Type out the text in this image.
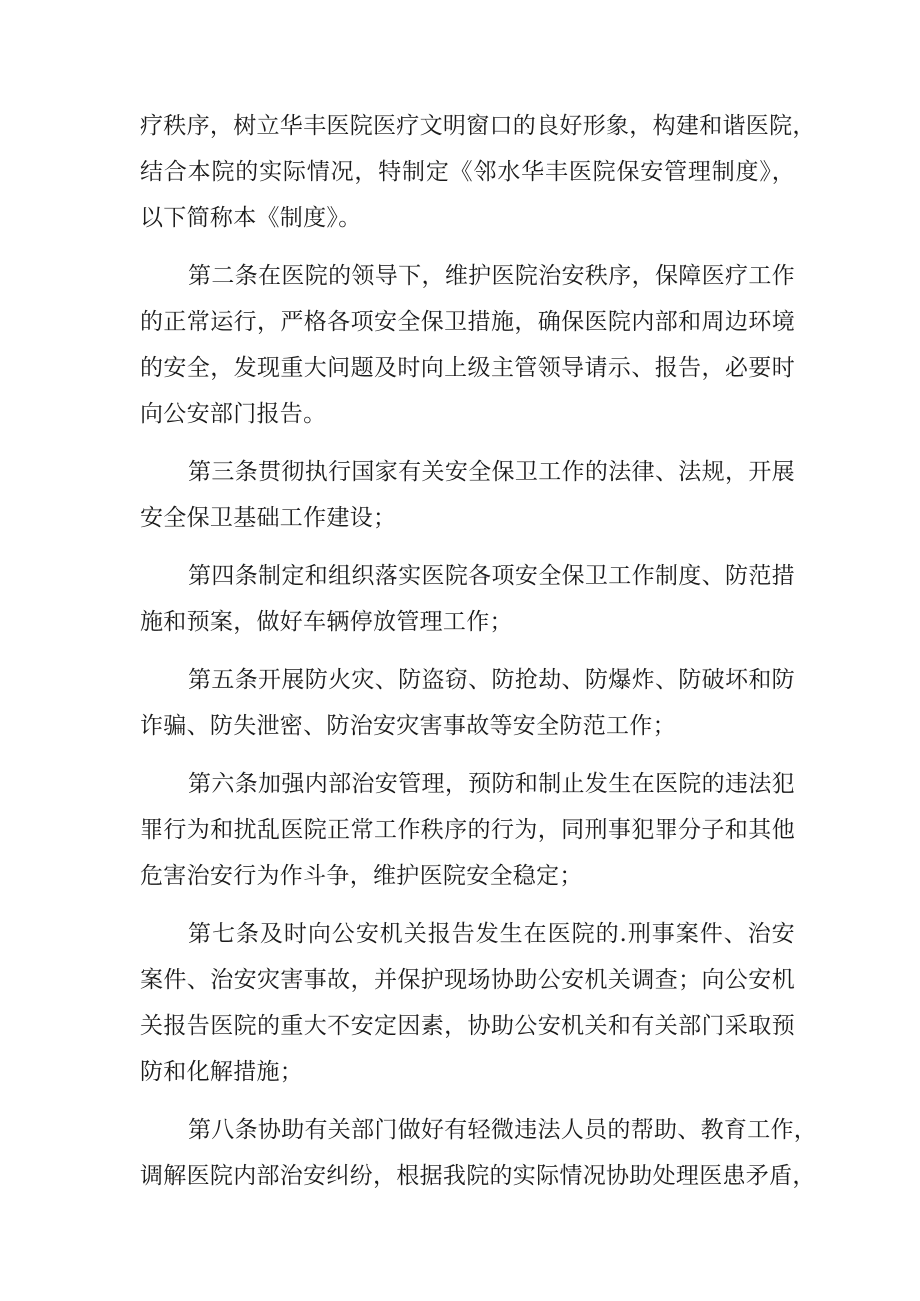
疗秩序，树立华丰医院医疗文明窗口的良好形象，构建和谐医院，
结合本院的实际情况，特制定《邻水华丰医院保安管理制度》，
以下简称本《制度》。
第二条在医院的领导下，维护医院治安秩序，保障医疗工作
的正常运行，严格各项安全保卫措施，确保医院内部和周边环境
的安全，发现重大问题及时向上级主管领导请示、报告，必要时
向公安部门报告。
第三条贯彻执行国家有关安全保卫工作的法律、法规，开展
安全保卫基础工作建设；
第四条制定和组织落实医院各项安全保卫工作制度、防范措
施和预案，做好车辆停放管理工作；
第五条开展防火灾、防盗窃、防抢劫、防爆炸、防破坏和防
诈骗、防失泄密、防治安灾害事故等安全防范工作；
第六条加强内部治安管理，预防和制止发生在医院的违法犯
罪行为和扰乱医院正常工作秩序的行为，同刑事犯罪分子和其他
危害治安行为作斗争，维护医院安全稳定；
第七条及时向公安机关报告发生在医院的.刑事案件、治安
案件、治安灾害事故，并保护现场协助公安机关调查；向公安机
关报告医院的重大不安定因素，协助公安机关和有关部门采取预
防和化解措施；
第八条协助有关部门做好有轻微违法人员的帮助、教育工作，
调解医院内部治安纠纷，根据我院的实际情况协助处理医患矛盾，
